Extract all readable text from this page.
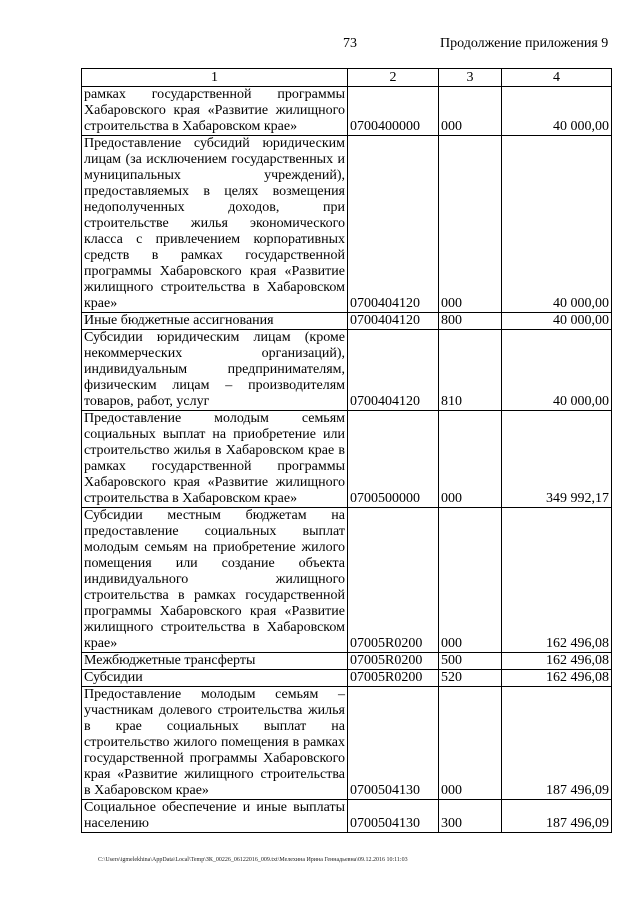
73	Продолжение приложения 9
1	2	3	4
рамках государственной программы Хабаровского края «Развитие жилищного строительства в Хабаровском крае»	0700400000	000	40 000,00
Предоставление субсидий юридическим лицам (за исключением государственных и муниципальных учреждений), предоставляемых в целях возмещения недополученных доходов, при строительстве жилья экономического класса с привлечением корпоративных средств в рамках государственной программы Хабаровского края «Развитие жилищного строительства в Хабаровском крае»	0700404120	000	40 000,00
Иные бюджетные ассигнования	0700404120	800	40 000,00
Субсидии юридическим лицам (кроме некоммерческих организаций), индивидуальным предпринимателям, физическим лицам – производителям товаров, работ, услуг	0700404120	810	40 000,00
Предоставление молодым семьям социальных выплат на приобретение или строительство жилья в Хабаровском крае в рамках государственной программы Хабаровского края «Развитие жилищного строительства в Хабаровском крае»	0700500000	000	349 992,17
Субсидии местным бюджетам на предоставление социальных выплат молодым семьям на приобретение жилого помещения или создание объекта индивидуального жилищного строительства в рамках государственной программы Хабаровского края «Развитие жилищного строительства в Хабаровском крае»	07005R0200	000	162 496,08
Межбюджетные трансферты	07005R0200	500	162 496,08
Субсидии	07005R0200	520	162 496,08
Предоставление молодым семьям – участникам долевого строительства жилья в крае социальных выплат на строительство жилого помещения в рамках государственной программы Хабаровского края «Развитие жилищного строительства в Хабаровском крае»	0700504130	000	187 496,09
Социальное обеспечение и иные выплаты населению	0700504130	300	187 496,09
C:\Users\igmelekhina\AppData\Local\Temp\ЗК_00226_06122016_009.txt\Мелехина Ирина Геннадьевна\09.12.2016 10:11:03
